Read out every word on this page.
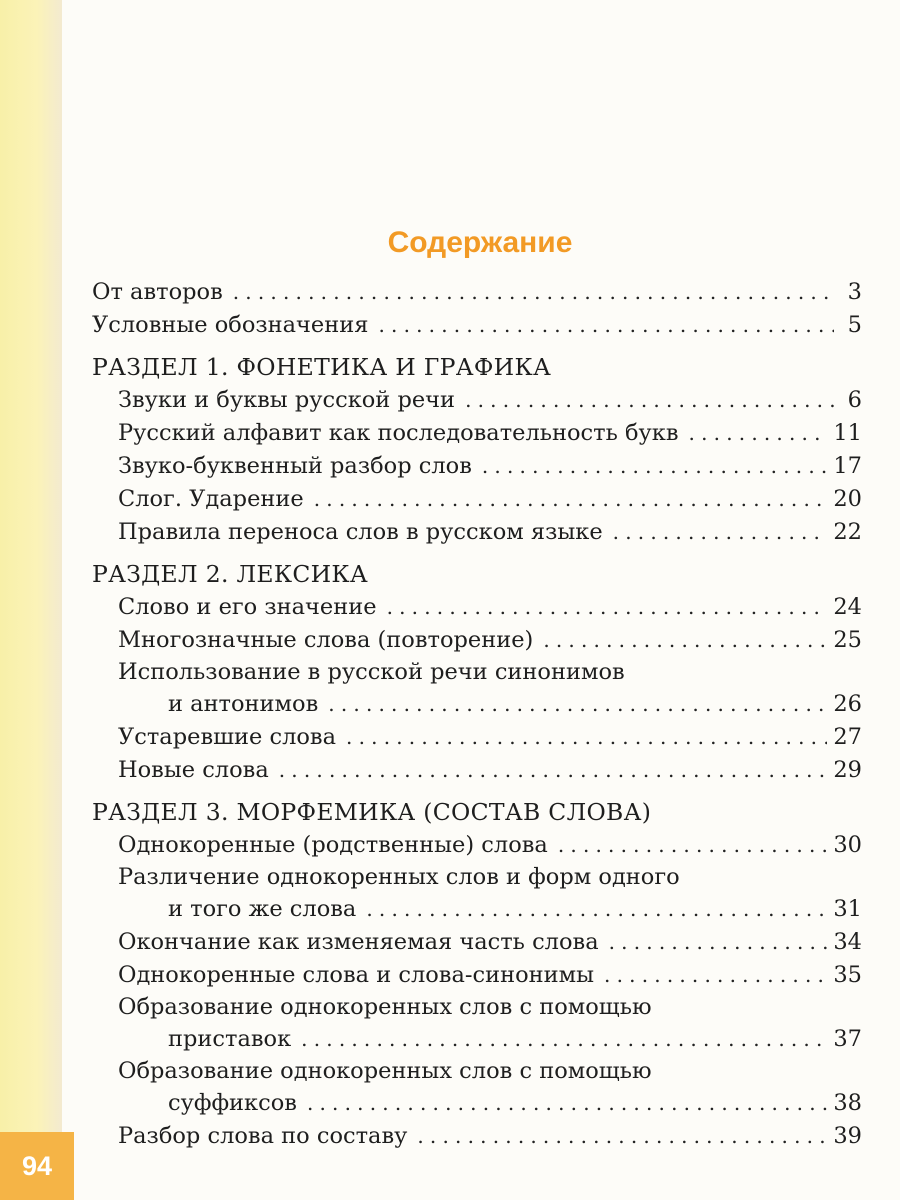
Содержание
От авторов .....	3
Условные обозначения .....	5
РАЗДЕЛ 1. ФОНЕТИКА И ГРАФИКА
Звуки и буквы русской речи .....	6
Русский алфавит как последовательность букв .....	11
Звуко-буквенный разбор слов .....	17
Слог. Ударение .....	20
Правила переноса слов в русском языке .....	22
РАЗДЕЛ 2. ЛЕКСИКА
Слово и его значение .....	24
Многозначные слова (повторение) .....	25
Использование в русской речи синонимов
и антонимов .....	26
Устаревшие слова .....	27
Новые слова .....	29
РАЗДЕЛ 3. МОРФЕМИКА (СОСТАВ СЛОВА)
Однокоренные (родственные) слова .....	30
Различение однокоренных слов и форм одного
и того же слова .....	31
Окончание как изменяемая часть слова .....	34
Однокоренные слова и слова-синонимы .....	35
Образование однокоренных слов с помощью
приставок .....	37
Образование однокоренных слов с помощью
суффиксов .....	38
Разбор слова по составу .....	39
94
